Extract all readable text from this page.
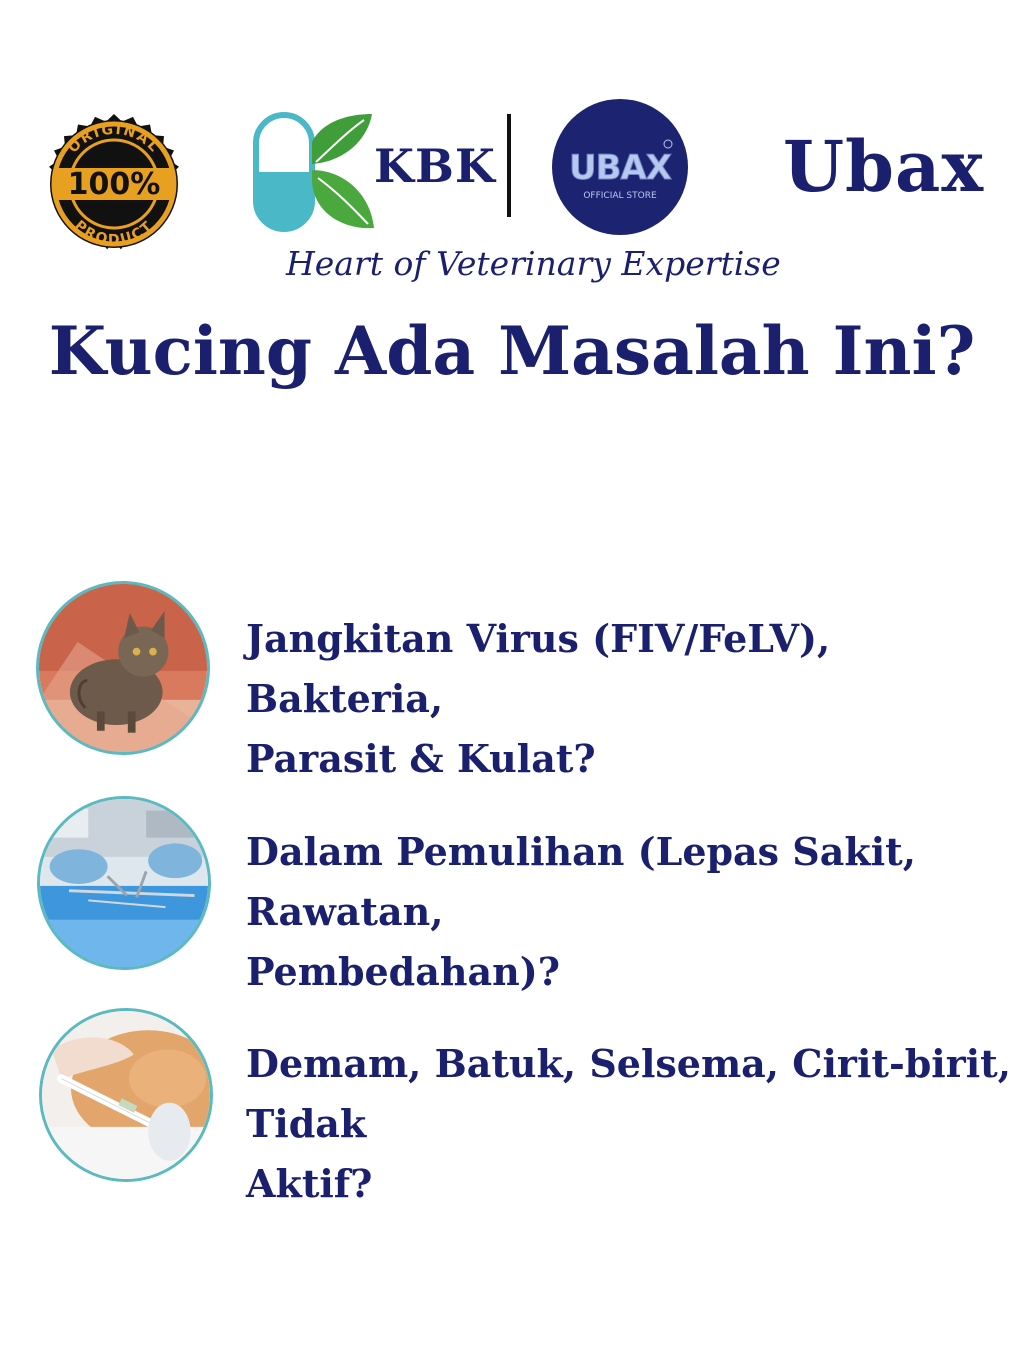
100%
ORIGINAL
PRODUCT
KBK UBAX
OFFICIAL STORE Ubax
Heart of Veterinary Expertise
Kucing Ada Masalah Ini?
Jangkitan Virus (FIV/FeLV), Bakteria,
Parasit & Kulat?
Dalam Pemulihan (Lepas Sakit, Rawatan,
Pembedahan)?
Demam, Batuk, Selsema, Cirit-birit, Tidak
Aktif?
